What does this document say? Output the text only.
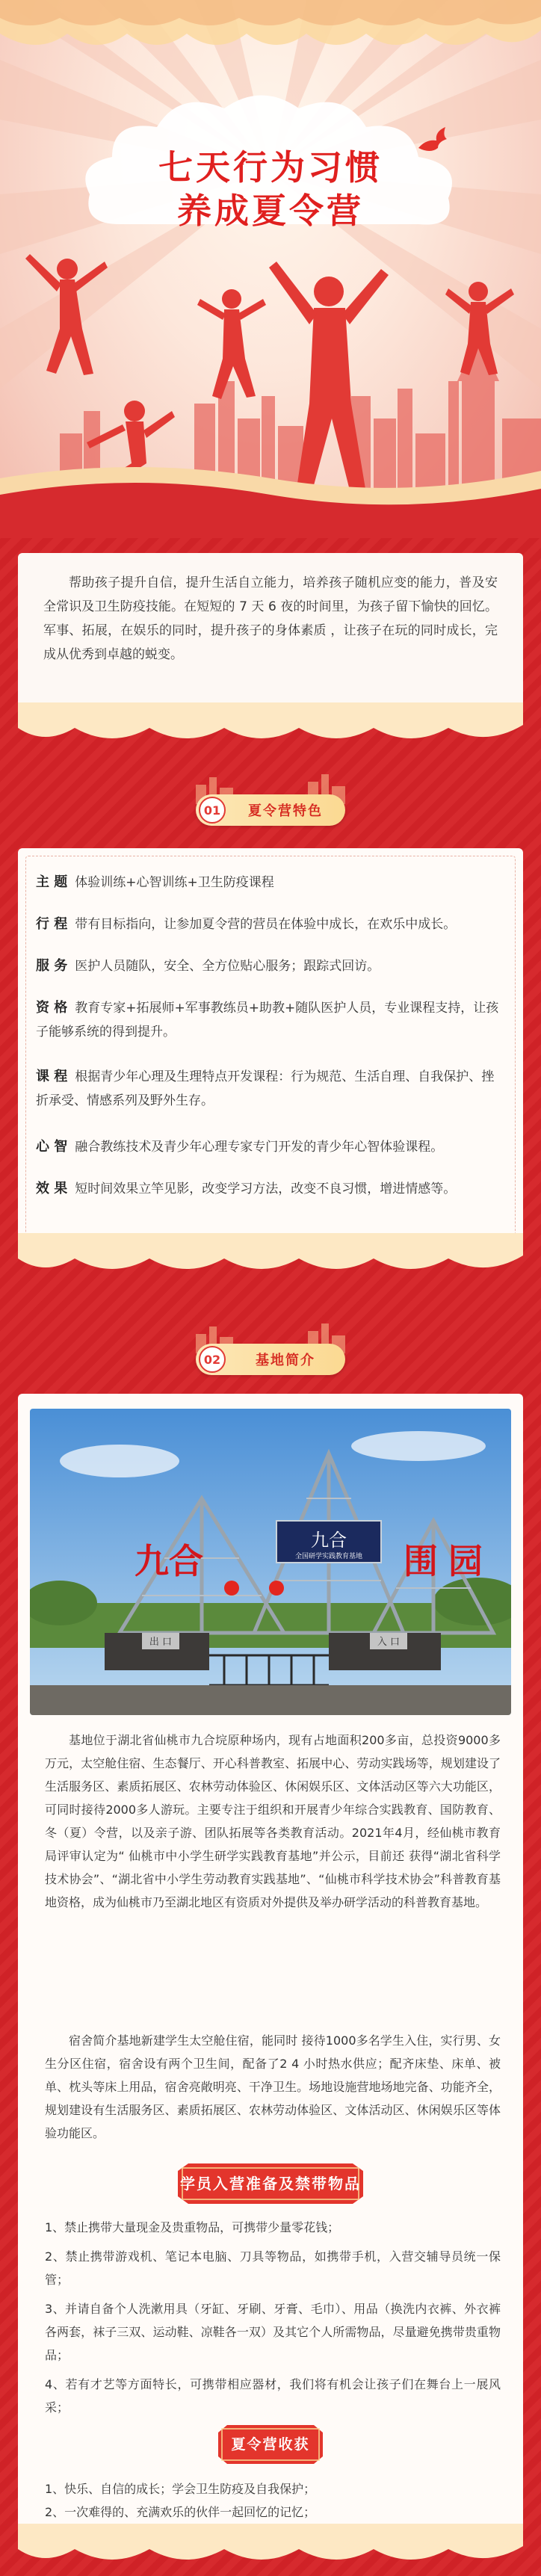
七天行为习惯
养成夏令营

帮助孩子提升自信，提升生活自立能力，培养孩子随机应变的能力，普及安全常识及卫生防疫技能。在短短的 7 天 6 夜的时间里，为孩子留下愉快的回忆。军事、拓展，在娱乐的同时，提升孩子的身体素质 ，让孩子在玩的同时成长，完成从优秀到卓越的蜕变。

01	夏令营特色
主 题 体验训练+心智训练+卫生防疫课程
行 程 带有目标指向，让参加夏令营的营员在体验中成长，在欢乐中成长。
服 务 医护人员随队，安全、全方位贴心服务；跟踪式回访。
资 格 教育专家+拓展师+军事教练员+助教+随队医护人员，专业课程支持，让孩子能够系统的得到提升。
课 程 根据青少年心理及生理特点开发课程：行为规范、生活自理、自我保护、挫折承受、情感系列及野外生存。
心 智 融合教练技术及青少年心理专家专门开发的青少年心智体验课程。
效 果 短时间效果立竿见影，改变学习方法，改变不良习惯，增进情感等。
02	基地简介
九合
全国研学实践教育基地
九合	围 园
出 口	入 口

基地位于湖北省仙桃市九合垸原种场内，现有占地面积200多亩，总投资9000多万元，太空舱住宿、生态餐厅、开心科普教室、拓展中心、劳动实践场等，规划建设了生活服务区、素质拓展区、农林劳动体验区、休闲娱乐区、文体活动区等六大功能区，可同时接待2000多人游玩。主要专注于组织和开展青少年综合实践教育、国防教育、冬（夏）令营，以及亲子游、团队拓展等各类教育活动。2021年4月，经仙桃市教育局评审认定为“ 仙桃市中小学生研学实践教育基地”并公示，目前还 获得“湖北省科学技术协会”、“湖北省中小学生劳动教育实践基地”、“仙桃市科学技术协会”科普教育基地资格，成为仙桃市乃至湖北地区有资质对外提供及举办研学活动的科普教育基地。

宿舍简介基地新建学生太空舱住宿，能同时 接待1000多名学生入住，实行男、女生分区住宿，宿舍设有两个卫生间，配备了2 4 小时热水供应；配齐床垫、床单、被单、枕头等床上用品，宿舍亮敞明亮、干净卫生。场地设施营地场地完备、功能齐全，规划建设有生活服务区、素质拓展区、农林劳动体验区、文体活动区、休闲娱乐区等体验功能区。

学员入营准备及禁带物品
1、禁止携带大量现金及贵重物品，可携带少量零花钱；
2、禁止携带游戏机、笔记本电脑、刀具等物品，如携带手机，入营交辅导员统一保管；
3、并请自备个人洗漱用具（牙缸、牙刷、牙膏、毛巾）、用品（换洗内衣裤、外衣裤各两套，袜子三双、运动鞋、凉鞋各一双）及其它个人所需物品，尽量避免携带贵重物品；
4、若有才艺等方面特长，可携带相应器材，我们将有机会让孩子们在舞台上一展风采；
夏令营收获
1、快乐、自信的成长；学会卫生防疫及自我保护；
2、一次难得的、充满欢乐的伙伴一起回忆的记忆；
